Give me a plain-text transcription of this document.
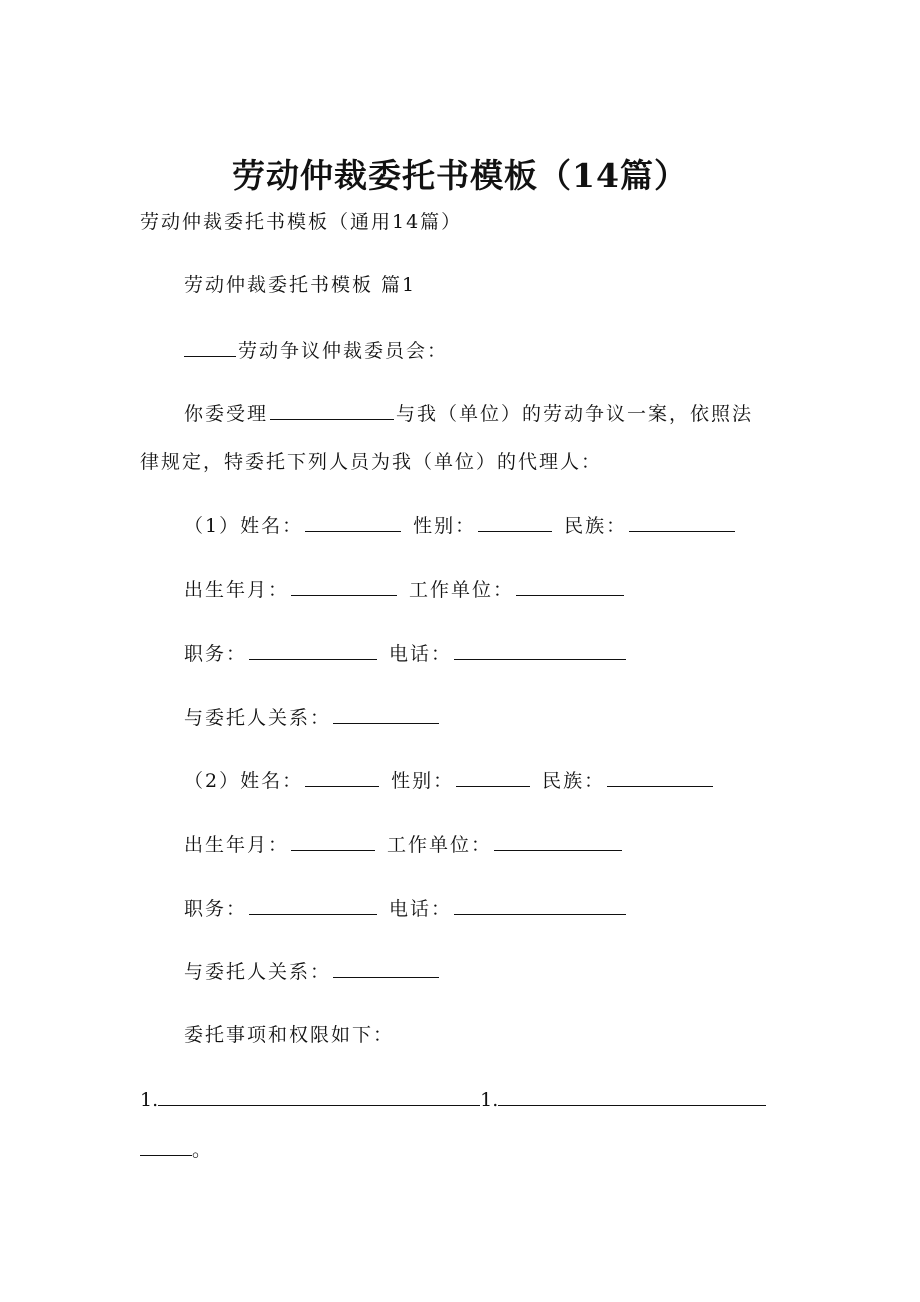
劳动仲裁委托书模板（14篇）
劳动仲裁委托书模板（通用14篇）
劳动仲裁委托书模板 篇1
劳动争议仲裁委员会：
你委受理	与我（单位）的劳动争议一案，依照法
律规定，特委托下列人员为我（单位）的代理人：
（1）姓名：	性别：	民族：
出生年月：	工作单位：
职务：	电话：
与委托人关系：
（2）姓名：	性别：	民族：
出生年月：	工作单位：
职务：	电话：
与委托人关系：
委托事项和权限如下：
1.	1.
。
